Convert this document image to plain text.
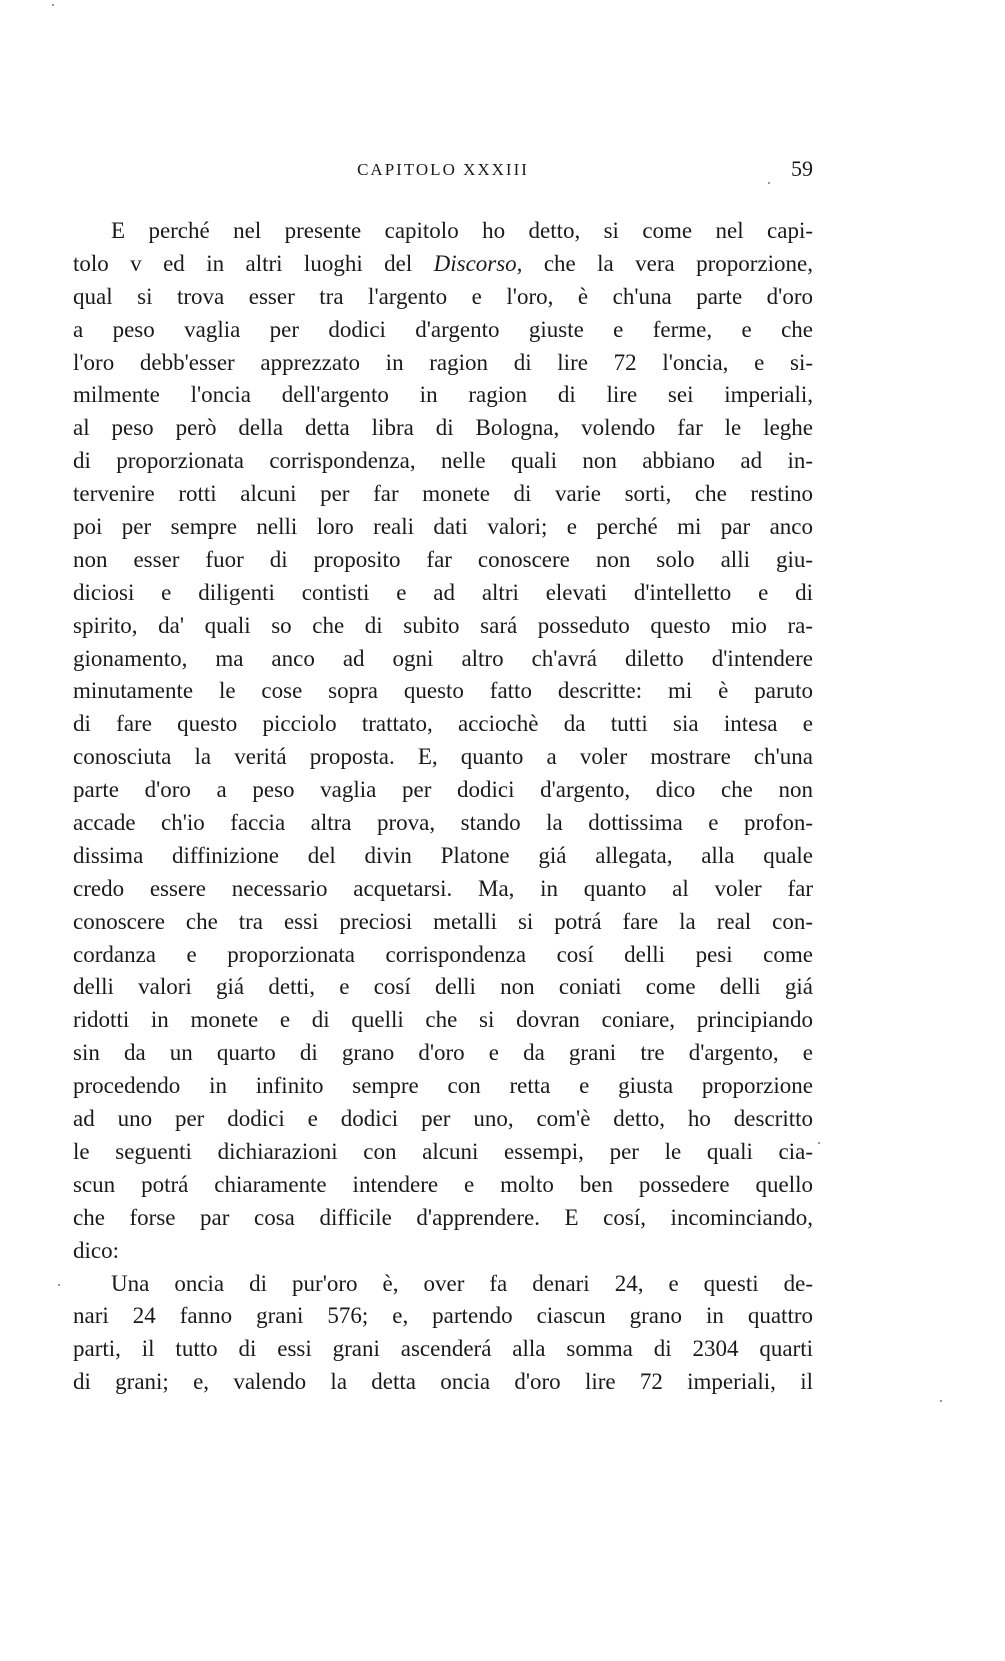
CAPITOLO XXXIII	59
E perché nel presente capitolo ho detto, si come nel capi-
tolo v ed in altri luoghi del Discorso, che la vera proporzione,
qual si trova esser tra l'argento e l'oro, è ch'una parte d'oro
a peso vaglia per dodici d'argento giuste e ferme, e che
l'oro debb'esser apprezzato in ragion di lire 72 l'oncia, e si-
milmente l'oncia dell'argento in ragion di lire sei imperiali,
al peso però della detta libra di Bologna, volendo far le leghe
di proporzionata corrispondenza, nelle quali non abbiano ad in-
tervenire rotti alcuni per far monete di varie sorti, che restino
poi per sempre nelli loro reali dati valori; e perché mi par anco
non esser fuor di proposito far conoscere non solo alli giu-
diciosi e diligenti contisti e ad altri elevati d'intelletto e di
spirito, da' quali so che di subito sará posseduto questo mio ra-
gionamento, ma anco ad ogni altro ch'avrá diletto d'intendere
minutamente le cose sopra questo fatto descritte: mi è paruto
di fare questo picciolo trattato, acciochè da tutti sia intesa e
conosciuta la veritá proposta. E, quanto a voler mostrare ch'una
parte d'oro a peso vaglia per dodici d'argento, dico che non
accade ch'io faccia altra prova, stando la dottissima e profon-
dissima diffinizione del divin Platone giá allegata, alla quale
credo essere necessario acquetarsi. Ma, in quanto al voler far
conoscere che tra essi preciosi metalli si potrá fare la real con-
cordanza e proporzionata corrispondenza cosí delli pesi come
delli valori giá detti, e cosí delli non coniati come delli giá
ridotti in monete e di quelli che si dovran coniare, principiando
sin da un quarto di grano d'oro e da grani tre d'argento, e
procedendo in infinito sempre con retta e giusta proporzione
ad uno per dodici e dodici per uno, com'è detto, ho descritto
le seguenti dichiarazioni con alcuni essempi, per le quali cia-
scun potrá chiaramente intendere e molto ben possedere quello
che forse par cosa difficile d'apprendere. E cosí, incominciando,
dico:
Una oncia di pur'oro è, over fa denari 24, e questi de-
nari 24 fanno grani 576; e, partendo ciascun grano in quattro
parti, il tutto di essi grani ascenderá alla somma di 2304 quarti
di grani; e, valendo la detta oncia d'oro lire 72 imperiali, il
